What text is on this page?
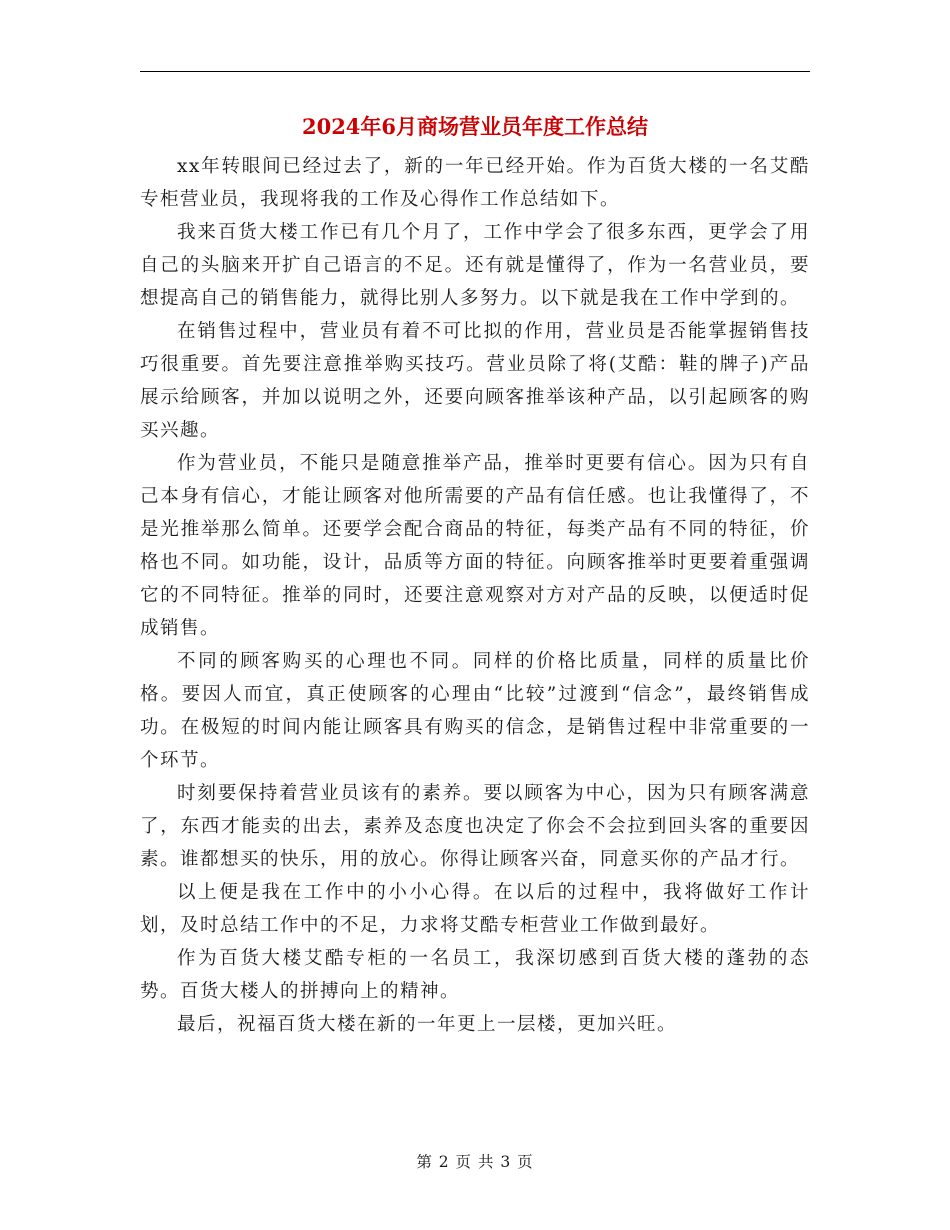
2024年6月商场营业员年度工作总结

xx年转眼间已经过去了，新的一年已经开始。作为百货大楼的一名艾酷专柜营业员，我现将我的工作及心得作工作总结如下。

我来百货大楼工作已有几个月了，工作中学会了很多东西，更学会了用自己的头脑来开扩自己语言的不足。还有就是懂得了，作为一名营业员，要想提高自己的销售能力，就得比别人多努力。以下就是我在工作中学到的。

在销售过程中，营业员有着不可比拟的作用，营业员是否能掌握销售技巧很重要。首先要注意推举购买技巧。营业员除了将(艾酷：鞋的牌子)产品展示给顾客，并加以说明之外，还要向顾客推举该种产品，以引起顾客的购买兴趣。

作为营业员，不能只是随意推举产品，推举时更要有信心。因为只有自己本身有信心，才能让顾客对他所需要的产品有信任感。也让我懂得了，不是光推举那么简单。还要学会配合商品的特征，每类产品有不同的特征，价格也不同。如功能，设计，品质等方面的特征。向顾客推举时更要着重强调它的不同特征。推举的同时，还要注意观察对方对产品的反映，以便适时促成销售。

不同的顾客购买的心理也不同。同样的价格比质量，同样的质量比价格。要因人而宜，真正使顾客的心理由“比较”过渡到“信念”，最终销售成功。在极短的时间内能让顾客具有购买的信念，是销售过程中非常重要的一个环节。

时刻要保持着营业员该有的素养。要以顾客为中心，因为只有顾客满意了，东西才能卖的出去，素养及态度也决定了你会不会拉到回头客的重要因素。谁都想买的快乐，用的放心。你得让顾客兴奋，同意买你的产品才行。

以上便是我在工作中的小小心得。在以后的过程中，我将做好工作计划，及时总结工作中的不足，力求将艾酷专柜营业工作做到最好。

作为百货大楼艾酷专柜的一名员工，我深切感到百货大楼的蓬勃的态势。百货大楼人的拼搏向上的精神。

最后，祝福百货大楼在新的一年更上一层楼，更加兴旺。

第 2 页 共 3 页
